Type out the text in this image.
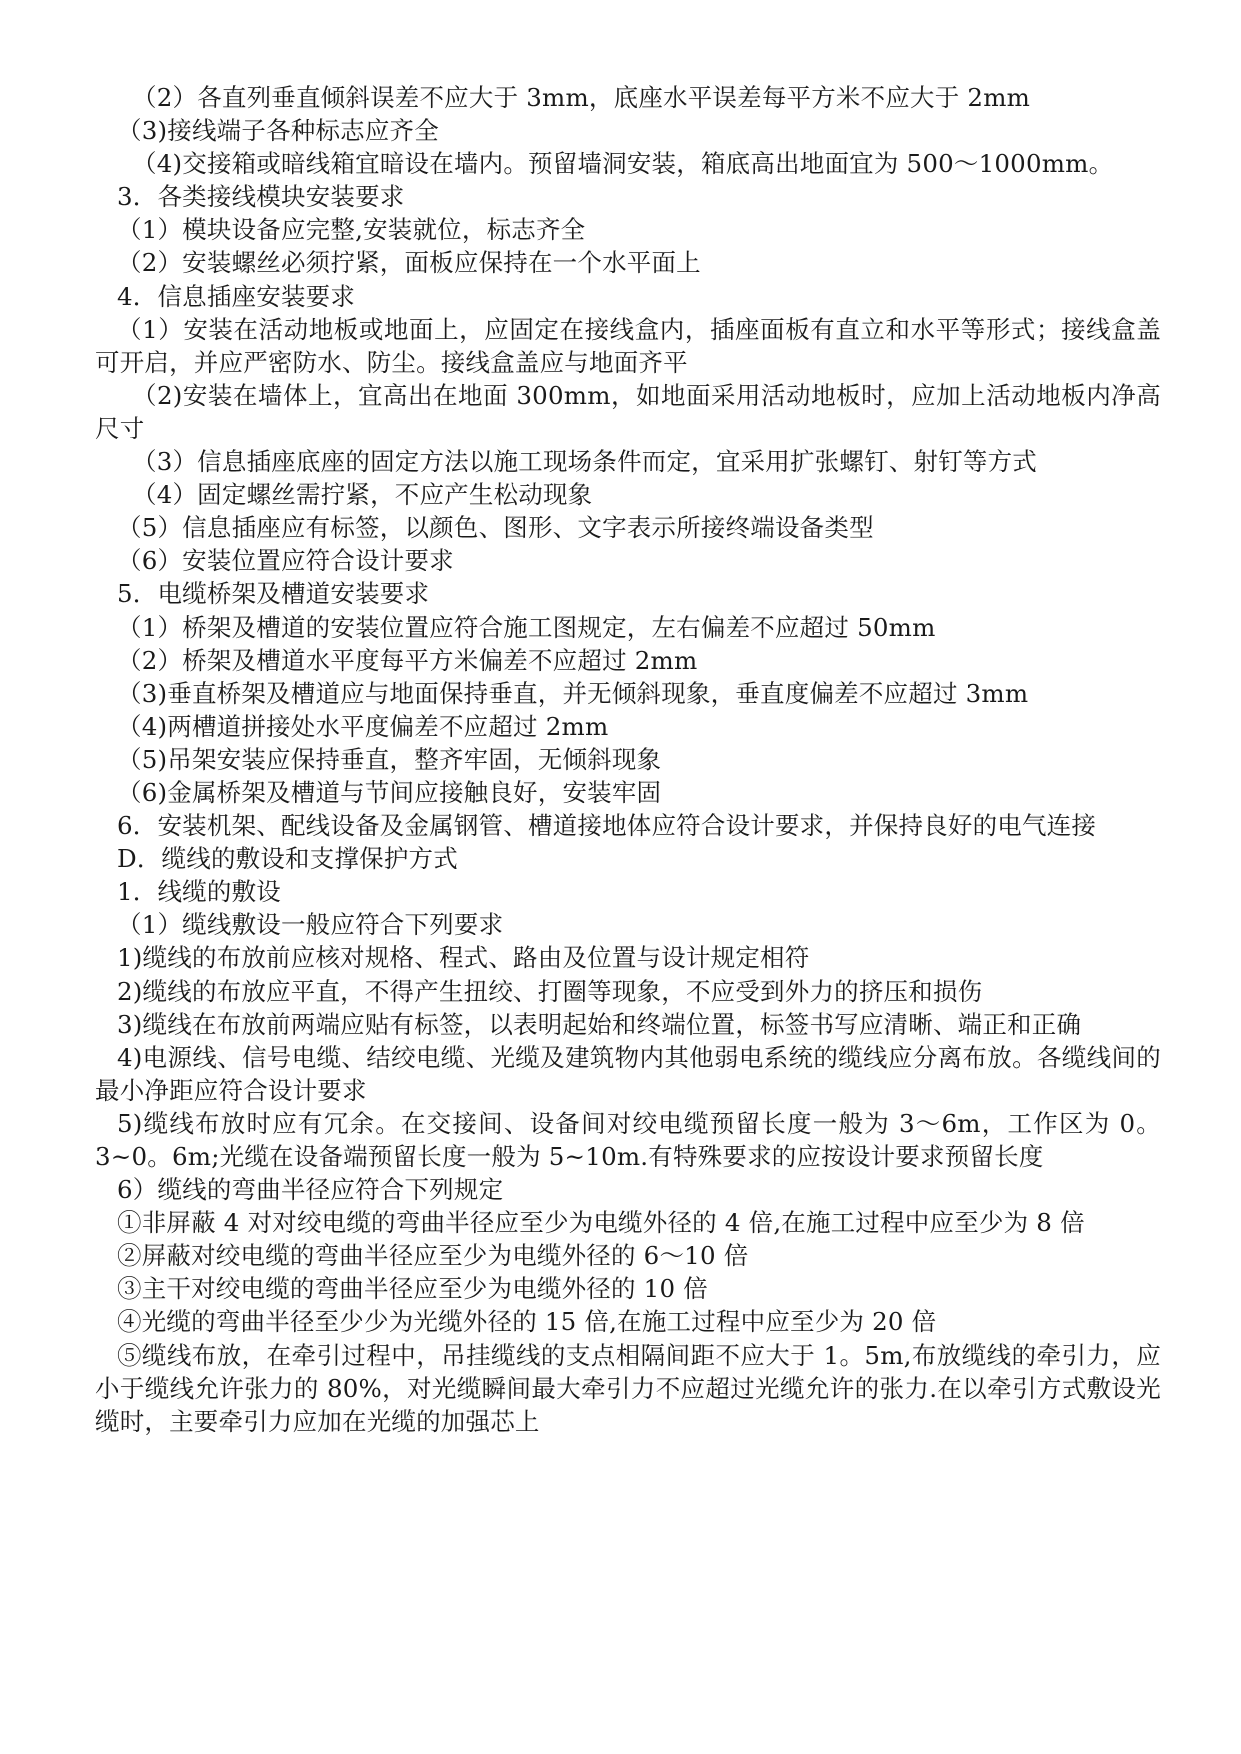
（2）各直列垂直倾斜误差不应大于 3mm，底座水平误差每平方米不应大于 2mm

（3)接线端子各种标志应齐全

（4)交接箱或暗线箱宜暗设在墙内。预留墙洞安装，箱底高出地面宜为 500～1000mm。

3．各类接线模块安装要求

（1）模块设备应完整,安装就位，标志齐全

（2）安装螺丝必须拧紧，面板应保持在一个水平面上

4．信息插座安装要求

（1）安装在活动地板或地面上，应固定在接线盒内，插座面板有直立和水平等形式；接线盒盖可开启，并应严密防水、防尘。接线盒盖应与地面齐平

（2)安装在墙体上，宜高出在地面 300mm，如地面采用活动地板时，应加上活动地板内净高尺寸

（3）信息插座底座的固定方法以施工现场条件而定，宜采用扩张螺钉、射钉等方式

（4）固定螺丝需拧紧，不应产生松动现象

（5）信息插座应有标签，以颜色、图形、文字表示所接终端设备类型

（6）安装位置应符合设计要求

5．电缆桥架及槽道安装要求

（1）桥架及槽道的安装位置应符合施工图规定，左右偏差不应超过 50mm

（2）桥架及槽道水平度每平方米偏差不应超过 2mm

（3)垂直桥架及槽道应与地面保持垂直，并无倾斜现象，垂直度偏差不应超过 3mm

（4)两槽道拼接处水平度偏差不应超过 2mm

（5)吊架安装应保持垂直，整齐牢固，无倾斜现象

（6)金属桥架及槽道与节间应接触良好，安装牢固

6．安装机架、配线设备及金属钢管、槽道接地体应符合设计要求，并保持良好的电气连接

D．缆线的敷设和支撑保护方式

1．线缆的敷设

（1）缆线敷设一般应符合下列要求

1)缆线的布放前应核对规格、程式、路由及位置与设计规定相符

2)缆线的布放应平直，不得产生扭绞、打圈等现象，不应受到外力的挤压和损伤

3)缆线在布放前两端应贴有标签，以表明起始和终端位置，标签书写应清晰、端正和正确

4)电源线、信号电缆、结绞电缆、光缆及建筑物内其他弱电系统的缆线应分离布放。各缆线间的最小净距应符合设计要求

5)缆线布放时应有冗余。在交接间、设备间对绞电缆预留长度一般为 3～6m，工作区为 0。3~0。6m;光缆在设备端预留长度一般为 5~10m.有特殊要求的应按设计要求预留长度

6）缆线的弯曲半径应符合下列规定

①非屏蔽 4 对对绞电缆的弯曲半径应至少为电缆外径的 4 倍,在施工过程中应至少为 8 倍

②屏蔽对绞电缆的弯曲半径应至少为电缆外径的 6～10 倍

③主干对绞电缆的弯曲半径应至少为电缆外径的 10 倍

④光缆的弯曲半径至少少为光缆外径的 15 倍,在施工过程中应至少为 20 倍

⑤缆线布放，在牵引过程中，吊挂缆线的支点相隔间距不应大于 1。5m,布放缆线的牵引力，应小于缆线允许张力的 80%，对光缆瞬间最大牵引力不应超过光缆允许的张力.在以牵引方式敷设光缆时，主要牵引力应加在光缆的加强芯上
